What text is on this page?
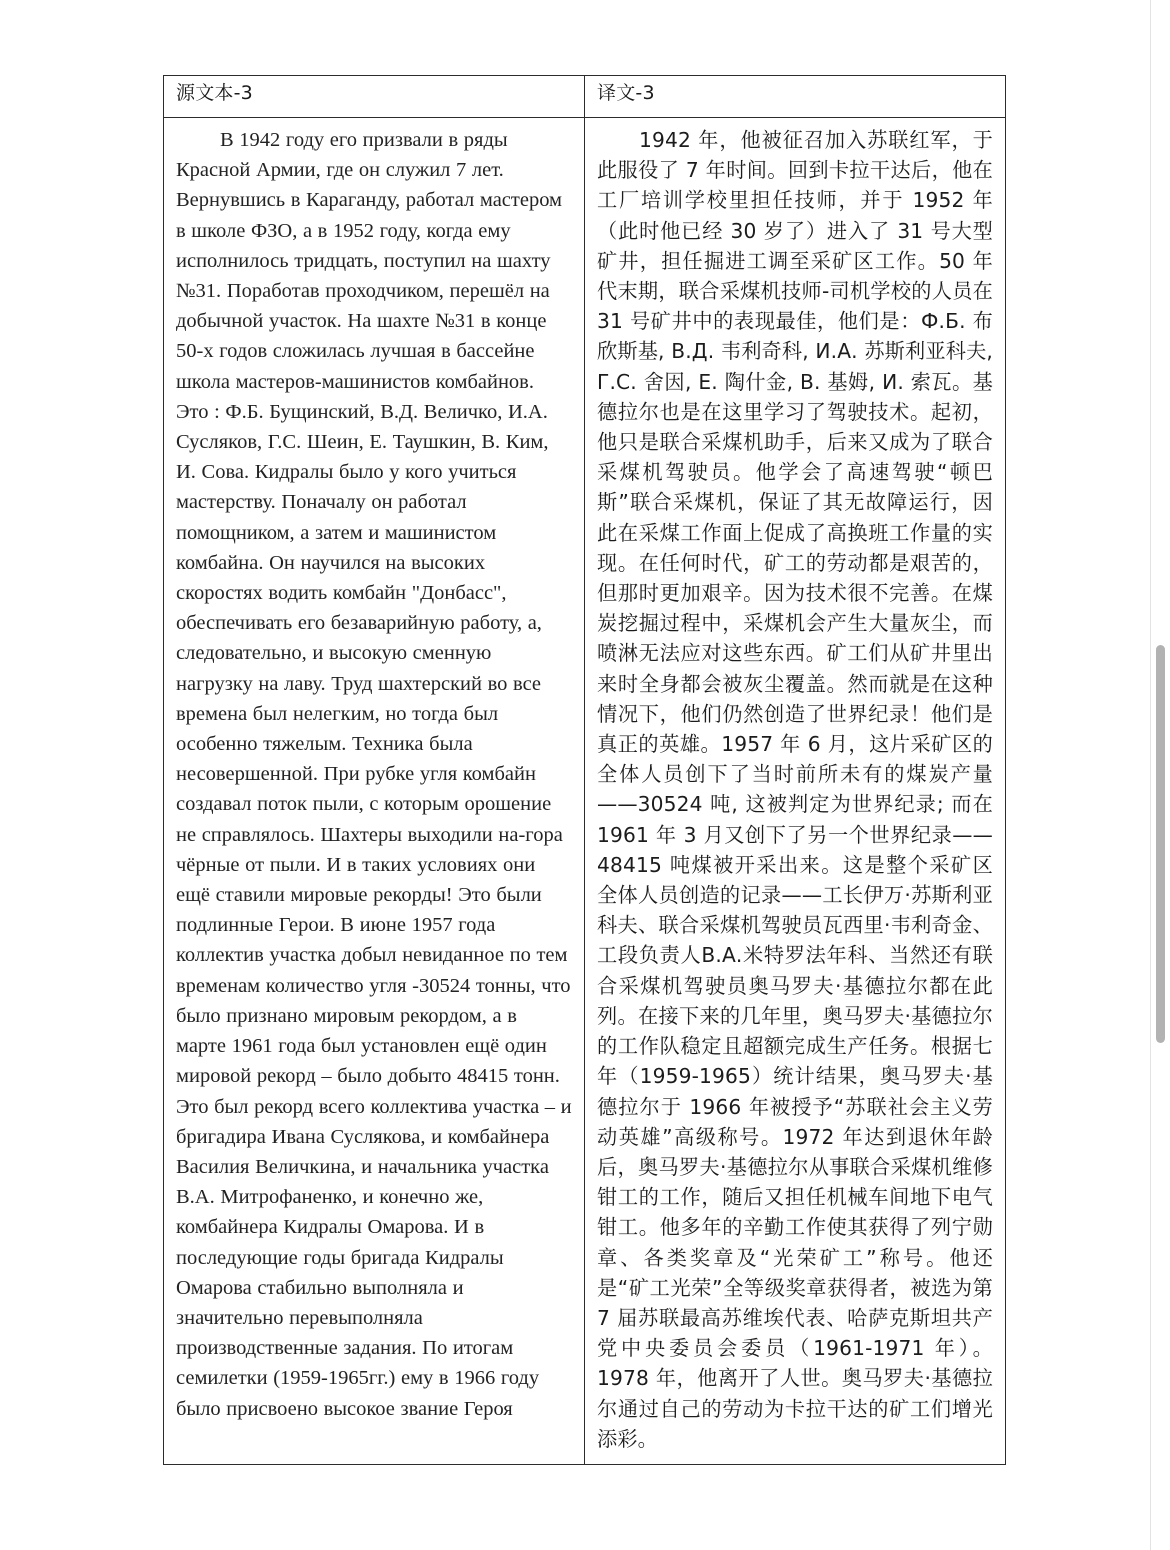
源文本-3	译文-3

В 1942 году его призвали в ряды Красной Армии, где он служил 7 лет. Вернувшись в Караганду, работал мастером в школе ФЗО, а в 1952 году, когда ему исполнилось тридцать, поступил на шахту №31. Поработав проходчиком, перешёл на добычной участок. На шахте №31 в конце 50-х годов сложилась лучшая в бассейне школа мастеров-машинистов комбайнов. Это : Ф.Б. Бущинский, В.Д. Величко, И.А. Сусляков, Г.С. Шеин, Е. Таушкин, В. Ким, И. Сова. Кидралы было у кого учиться мастерству. Поначалу он работал помощником, а затем и машинистом комбайна. Он научился на высоких скоростях водить комбайн "Донбасс", обеспечивать его безаварийную работу, а, следовательно, и высокую сменную нагрузку на лаву. Труд шахтерский во все времена был нелегким, но тогда был особенно тяжелым. Техника была несовершенной. При рубке угля комбайн создавал поток пыли, с которым орошение не справлялось. Шахтеры выходили на-гора чёрные от пыли. И в таких условиях они ещё ставили мировые рекорды! Это были подлинные Герои. В июне 1957 года коллектив участка добыл невиданное по тем временам количество угля -30524 тонны, что было признано мировым рекордом, а в марте 1961 года был установлен ещё один мировой рекорд – было добыто 48415 тонн. Это был рекорд всего коллектива участка – и бригадира Ивана Суслякова, и комбайнера Василия Величкина, и начальника участка В.А. Митрофаненко, и конечно же, комбайнера Кидралы Омарова. И в последующие годы бригада Кидралы Омарова стабильно выполняла и значительно перевыполняла производственные задания. По итогам семилетки (1959-1965гг.) ему в 1966 году было присвоено высокое звание Героя

1942 年，他被征召加入苏联红军，于此服役了 7 年时间。回到卡拉干达后，他在工厂培训学校里担任技师，并于 1952 年（此时他已经 30 岁了）进入了 31 号大型矿井，担任掘进工调至采矿区工作。50 年代末期，联合采煤机技师-司机学校的人员在 31 号矿井中的表现最佳，他们是：Ф.Б. 布欣斯基, В.Д. 韦利奇科, И.А. 苏斯利亚科夫, Г.С. 舍因, Е. 陶什金, В. 基姆, И. 索瓦。基德拉尔也是在这里学习了驾驶技术。起初，他只是联合采煤机助手，后来又成为了联合采煤机驾驶员。他学会了高速驾驶“顿巴斯”联合采煤机，保证了其无故障运行，因此在采煤工作面上促成了高换班工作量的实现。在任何时代，矿工的劳动都是艰苦的，但那时更加艰辛。因为技术很不完善。在煤炭挖掘过程中，采煤机会产生大量灰尘，而喷淋无法应对这些东西。矿工们从矿井里出来时全身都会被灰尘覆盖。然而就是在这种情况下，他们仍然创造了世界纪录！他们是真正的英雄。1957 年 6 月，这片采矿区的全体人员创下了当时前所未有的煤炭产量——30524 吨, 这被判定为世界纪录; 而在 1961 年 3 月又创下了另一个世界纪录——48415 吨煤被开采出来。这是整个采矿区全体人员创造的记录——工长伊万·苏斯利亚科夫、联合采煤机驾驶员瓦西里·韦利奇金、工段负责人В.А.米特罗法年科、当然还有联合采煤机驾驶员奥马罗夫·基德拉尔都在此列。在接下来的几年里，奥马罗夫·基德拉尔的工作队稳定且超额完成生产任务。根据七年（1959-1965）统计结果，奥马罗夫·基德拉尔于 1966 年被授予“苏联社会主义劳动英雄”高级称号。1972 年达到退休年龄后，奥马罗夫·基德拉尔从事联合采煤机维修钳工的工作，随后又担任机械车间地下电气钳工。他多年的辛勤工作使其获得了列宁勋章、各类奖章及“光荣矿工”称号。他还是“矿工光荣”全等级奖章获得者，被选为第 7 届苏联最高苏维埃代表、哈萨克斯坦共产党中央委员会委员（1961-1971 年）。1978 年，他离开了人世。奥马罗夫·基德拉尔通过自己的劳动为卡拉干达的矿工们增光添彩。
